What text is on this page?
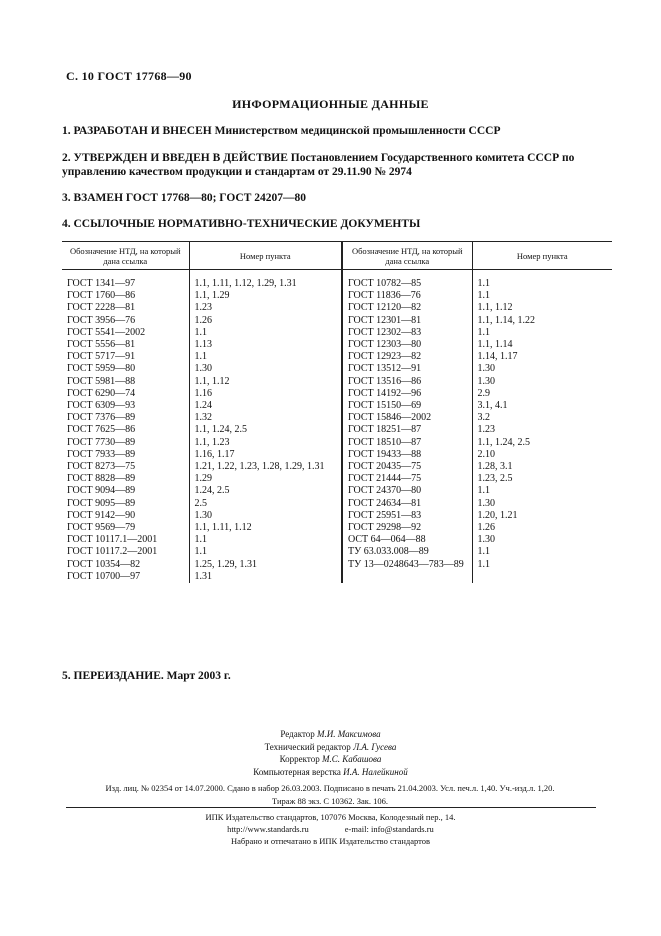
С. 10 ГОСТ 17768—90
ИНФОРМАЦИОННЫЕ ДАННЫЕ
1. РАЗРАБОТАН И ВНЕСЕН Министерством медицинской промышленности СССР
2. УТВЕРЖДЕН И ВВЕДЕН В ДЕЙСТВИЕ Постановлением Государственного комитета СССР по управлению качеством продукции и стандартам от 29.11.90 № 2974
3. ВЗАМЕН ГОСТ 17768—80; ГОСТ 24207—80
4. ССЫЛОЧНЫЕ НОРМАТИВНО-ТЕХНИЧЕСКИЕ ДОКУМЕНТЫ
Обозначение НТД, на который дана ссылка	Номер пункта	Обозначение НТД, на который дана ссылка	Номер пункта
ГОСТ 1341—97	1.1, 1.11, 1.12, 1.29, 1.31	ГОСТ 10782—85	1.1
ГОСТ 1760—86	1.1, 1.29	ГОСТ 11836—76	1.1
ГОСТ 2228—81	1.23	ГОСТ 12120—82	1.1, 1.12
ГОСТ 3956—76	1.26	ГОСТ 12301—81	1.1, 1.14, 1.22
ГОСТ 5541—2002	1.1	ГОСТ 12302—83	1.1
ГОСТ 5556—81	1.13	ГОСТ 12303—80	1.1, 1.14
ГОСТ 5717—91	1.1	ГОСТ 12923—82	1.14, 1.17
ГОСТ 5959—80	1.30	ГОСТ 13512—91	1.30
ГОСТ 5981—88	1.1, 1.12	ГОСТ 13516—86	1.30
ГОСТ 6290—74	1.16	ГОСТ 14192—96	2.9
ГОСТ 6309—93	1.24	ГОСТ 15150—69	3.1, 4.1
ГОСТ 7376—89	1.32	ГОСТ 15846—2002	3.2
ГОСТ 7625—86	1.1, 1.24, 2.5	ГОСТ 18251—87	1.23
ГОСТ 7730—89	1.1, 1.23	ГОСТ 18510—87	1.1, 1.24, 2.5
ГОСТ 7933—89	1.16, 1.17	ГОСТ 19433—88	2.10
ГОСТ 8273—75	1.21, 1.22, 1.23, 1.28, 1.29, 1.31	ГОСТ 20435—75	1.28, 3.1
ГОСТ 8828—89	1.29	ГОСТ 21444—75	1.23, 2.5
ГОСТ 9094—89	1.24, 2.5	ГОСТ 24370—80	1.1
ГОСТ 9095—89	2.5	ГОСТ 24634—81	1.30
ГОСТ 9142—90	1.30	ГОСТ 25951—83	1.20, 1.21
ГОСТ 9569—79	1.1, 1.11, 1.12	ГОСТ 29298—92	1.26
ГОСТ 10117.1—2001	1.1	ОСТ 64—064—88	1.30
ГОСТ 10117.2—2001	1.1	ТУ 63.033.008—89	1.1
ГОСТ 10354—82	1.25, 1.29, 1.31	ТУ 13—0248643—783—89	1.1
ГОСТ 10700—97	1.31		
5. ПЕРЕИЗДАНИЕ. Март 2003 г.
Редактор М.И. Максимова
Технический редактор Л.А. Гусева
Корректор М.С. Кабашова
Компьютерная верстка И.А. Налейкиной
Изд. лиц. № 02354 от 14.07.2000. Сдано в набор 26.03.2003. Подписано в печать 21.04.2003. Усл. печ.л. 1,40. Уч.-изд.л. 1,20.
Тираж 88 экз. С 10362. Зак. 106.
ИПК Издательство стандартов, 107076 Москва, Колодезный пер., 14.
http://www.standards.ru	e-mail: info@standards.ru
Набрано и отпечатано в ИПК Издательство стандартов
